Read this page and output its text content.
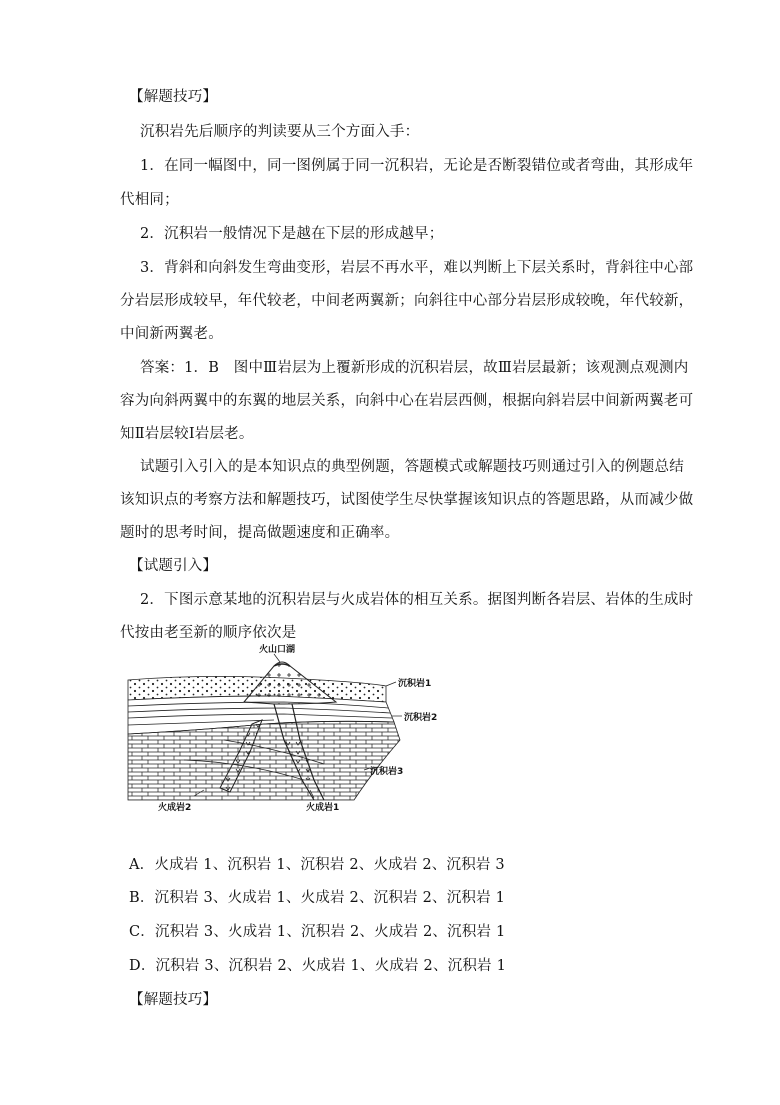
【解题技巧】
沉积岩先后顺序的判读要从三个方面入手：
1．在同一幅图中，同一图例属于同一沉积岩，无论是否断裂错位或者弯曲，其形成年
代相同；
2．沉积岩一般情况下是越在下层的形成越早；
3．背斜和向斜发生弯曲变形，岩层不再水平，难以判断上下层关系时，背斜往中心部
分岩层形成较早，年代较老，中间老两翼新；向斜往中心部分岩层形成较晚，年代较新，
中间新两翼老。
答案：1．B　图中Ⅲ岩层为上覆新形成的沉积岩层，故Ⅲ岩层最新；该观测点观测内
容为向斜两翼中的东翼的地层关系，向斜中心在岩层西侧，根据向斜岩层中间新两翼老可
知Ⅱ岩层较Ⅰ岩层老。
试题引入引入的是本知识点的典型例题，答题模式或解题技巧则通过引入的例题总结
该知识点的考察方法和解题技巧，试图使学生尽快掌握该知识点的答题思路，从而减少做
题时的思考时间，提高做题速度和正确率。
【试题引入】
2．下图示意某地的沉积岩层与火成岩体的相互关系。据图判断各岩层、岩体的生成时
代按由老至新的顺序依次是
火山口湖
沉积岩1
沉积岩2
沉积岩3
火成岩1
火成岩2
A．火成岩 1、沉积岩 1、沉积岩 2、火成岩 2、沉积岩 3
B．沉积岩 3、火成岩 1、火成岩 2、沉积岩 2、沉积岩 1
C．沉积岩 3、火成岩 1、沉积岩 2、火成岩 2、沉积岩 1
D．沉积岩 3、沉积岩 2、火成岩 1、火成岩 2、沉积岩 1
【解题技巧】
